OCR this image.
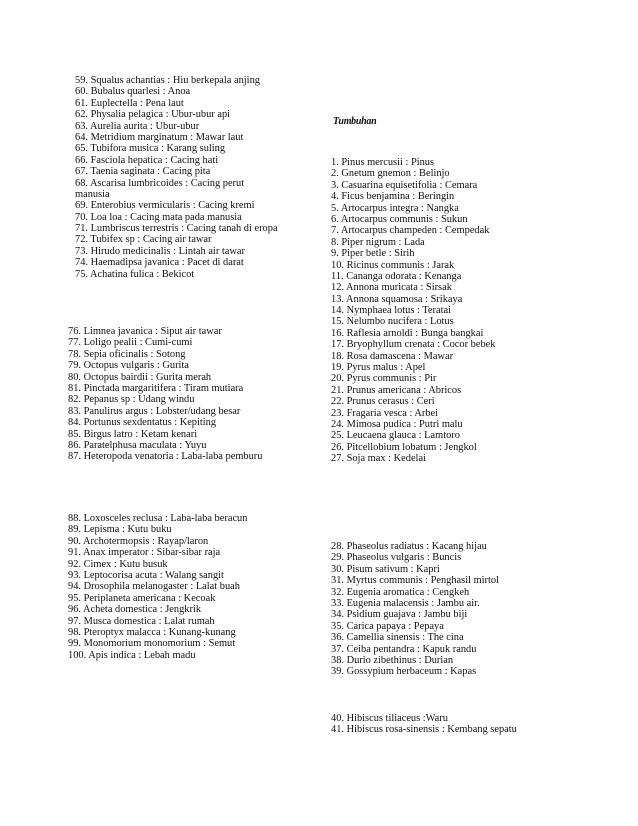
59. Squalus achantias : Hiu berkepala anjing
60. Bubalus quarlesi : Anoa
61. Euplectella : Pena laut
62. Physalia pelagica : Ubur-ubur api
63. Aurelia aurita : Ubur-ubur
64. Metridium marginatum : Mawar laut
65. Tubifora musica : Karang suling
66. Fasciola hepatica : Cacing hati
67. Taenia saginata : Cacing pita
68. Ascarisa lumbricoides : Cacing perut
manusia
69. Enterobius vermicularis : Cacing kremi
70. Loa loa : Cacing mata pada manusia
71. Lumbriscus terrestris : Cacing tanah di eropa
72. Tubifex sp : Cacing air tawar
73. Hirudo medicinalis : Lintah air tawar
74. Haemadipsa javanica : Pacet di darat
75. Achatina fulica : Bekicot
76. Limnea javanica : Siput air tawar
77. Loligo pealii : Cumi-cumi
78. Sepia oficinalis : Sotong
79. Octopus vulgaris : Gurita
80. Octopus bairdii : Gurita merah
81. Pinctada margaritifera : Tiram mutiara
82. Pepanus sp : Udang windu
83. Panulirus argus : Lobster/udang besar
84. Portunus sexdentatus : Kepiting
85. Birgus latro : Ketam kenari
86. Paratelphusa maculata : Yuyu
87. Heteropoda venatoria : Laba-laba pemburu
88. Loxosceles reclusa : Laba-laba beracun
89. Lepisma : Kutu buku
90. Archotermopsis : Rayap/laron
91. Anax imperator : Sibar-sibar raja
92. Cimex : Kutu busuk
93. Leptocorisa acuta : Walang sangit
94. Drosophila melanogaster : Lalat buah
95. Periplaneta americana : Kecoak
96. Acheta domestica : Jengkrik
97. Musca domestica : Lalat rumah
98. Pteroptyx malacca : Kunang-kunang
99. Monomorium monomorium : Semut
100. Apis indica : Lebah madu
Tumbuhan
1. Pinus mercusii : Pinus
2. Gnetum gnemon : Belinjo
3. Casuarina equisetifolia : Cemara
4. Ficus benjamina : Beringin
5. Artocarpus integra : Nangka
6. Artocarpus communis : Sukun
7. Artocarpus champeden : Cempedak
8. Piper nigrum : Lada
9. Piper betle : Sirih
10. Ricinus communis : Jarak
11. Cananga odorata : Kenanga
12. Annona muricata : Sirsak
13. Annona squamosa : Srikaya
14. Nymphaea lotus : Teratai
15. Nelumbo nucifera : Lotus
16. Raflesia arnoldi : Bunga bangkai
17. Bryophyllum crenata : Cocor bebek
18. Rosa damascena : Mawar
19. Pyrus malus : Apel
20. Pyrus communis : Pir
21. Prunus americana : Abricos
22. Prunus cerasus : Ceri
23. Fragaria vesca : Arbei
24. Mimosa pudica : Putri malu
25. Leucaena glauca : Lamtoro
26. Pitcellobium lobatum : Jengkol
27. Soja max : Kedelai
28. Phaseolus radiatus : Kacang hijau
29. Phaseolus vulgaris : Buncis
30. Pisum sativum : Kapri
31. Myrtus communis : Penghasil mirtol
32. Eugenia aromatica : Cengkeh
33. Eugenia malacensis : Jambu air.
34. Psidium guajava : Jambu biji
35. Carica papaya : Pepaya
36. Camellia sinensis : The cina
37. Ceiba pentandra : Kapuk randu
38. Durio zibethinus : Durian
39. Gossypium herbaceum : Kapas
40. Hibiscus tiliaceus :Waru
41. Hibiscus rosa-sinensis : Kembang sepatu
